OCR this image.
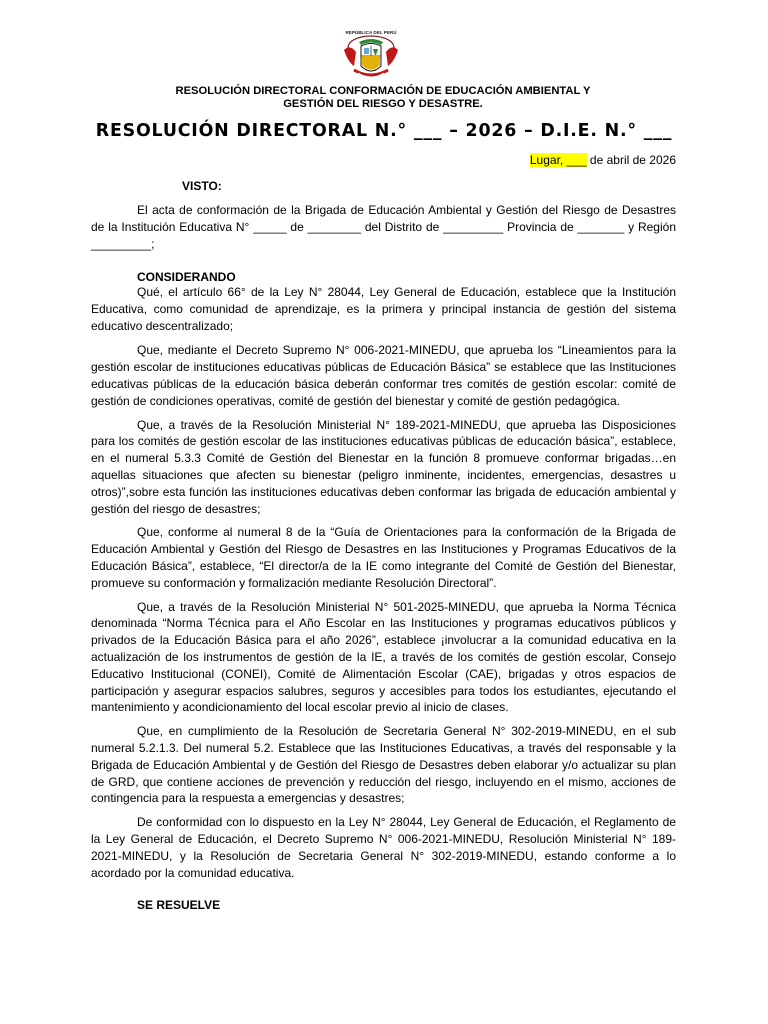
REPÚBLICA DEL PERÚ
RESOLUCIÓN DIRECTORAL CONFORMACIÓN DE EDUCACIÓN AMBIENTAL Y
GESTIÓN DEL RIESGO Y DESASTRE.
RESOLUCIÓN DIRECTORAL N.° ___ – 2026 – D.I.E. N.° ___
Lugar, ___ de abril de 2026
VISTO:

El acta de conformación de la Brigada de Educación Ambiental y Gestión del Riesgo de Desastres de la Institución Educativa N° _____ de ________ del Distrito de _________ Provincia de _______ y Región _________;

CONSIDERANDO

Qué, el artículo 66° de la Ley N° 28044, Ley General de Educación, establece que la Institución Educativa, como comunidad de aprendizaje, es la primera y principal instancia de gestión del sistema educativo descentralizado;

Que, mediante el Decreto Supremo N° 006-2021-MINEDU, que aprueba los “Lineamientos para la gestión escolar de instituciones educativas públicas de Educación Básica” se establece que las Instituciones educativas públicas de la educación básica deberán conformar tres comités de gestión escolar: comité de gestión de condiciones operativas, comité de gestión del bienestar y comité de gestión pedagógica.

Que, a través de la Resolución Ministerial N° 189-2021-MINEDU, que aprueba las Disposiciones para los comités de gestión escolar de las instituciones educativas públicas de educación básica”, establece, en el numeral 5.3.3 Comité de Gestión del Bienestar en la función 8 promueve conformar brigadas…en aquellas situaciones que afecten su bienestar (peligro inminente, incidentes, emergencias, desastres u otros)”,sobre esta función las instituciones educativas deben conformar las brigada de educación ambiental y gestión del riesgo de desastres;

Que, conforme al numeral 8 de la “Guía de Orientaciones para la conformación de la Brigada de Educación Ambiental y Gestión del Riesgo de Desastres en las Instituciones y Programas Educativos de la Educación Básica”, establece, “El director/a de la IE como integrante del Comité de Gestión del Bienestar, promueve su conformación y formalización mediante Resolución Directoral”.

Que, a través de la Resolución Ministerial N° 501-2025-MINEDU, que aprueba la Norma Técnica denominada “Norma Técnica para el Año Escolar en las Instituciones y programas educativos públicos y privados de la Educación Básica para el año 2026”, establece ¡involucrar a la comunidad educativa en la actualización de los instrumentos de gestión de la IE, a través de los comités de gestión escolar, Consejo Educativo Institucional (CONEI), Comité de Alimentación Escolar (CAE), brigadas y otros espacios de participación y asegurar espacios salubres, seguros y accesibles para todos los estudiantes, ejecutando el mantenimiento y acondicionamiento del local escolar previo al inicio de clases.

Que, en cumplimiento de la Resolución de Secretaria General N° 302-2019-MINEDU, en el sub numeral 5.2.1.3. Del numeral 5.2. Establece que las Instituciones Educativas, a través del responsable y la Brigada de Educación Ambiental y de Gestión del Riesgo de Desastres deben elaborar y/o actualizar su plan de GRD, que contiene acciones de prevención y reducción del riesgo, incluyendo en el mismo, acciones de contingencia para la respuesta a emergencias y desastres;

De conformidad con lo dispuesto en la Ley N° 28044, Ley General de Educación, el Reglamento de la Ley General de Educación, el Decreto Supremo N° 006-2021-MINEDU, Resolución Ministerial N° 189-2021-MINEDU, y la Resolución de Secretaria General N° 302-2019-MINEDU, estando conforme a lo acordado por la comunidad educativa.

SE RESUELVE
